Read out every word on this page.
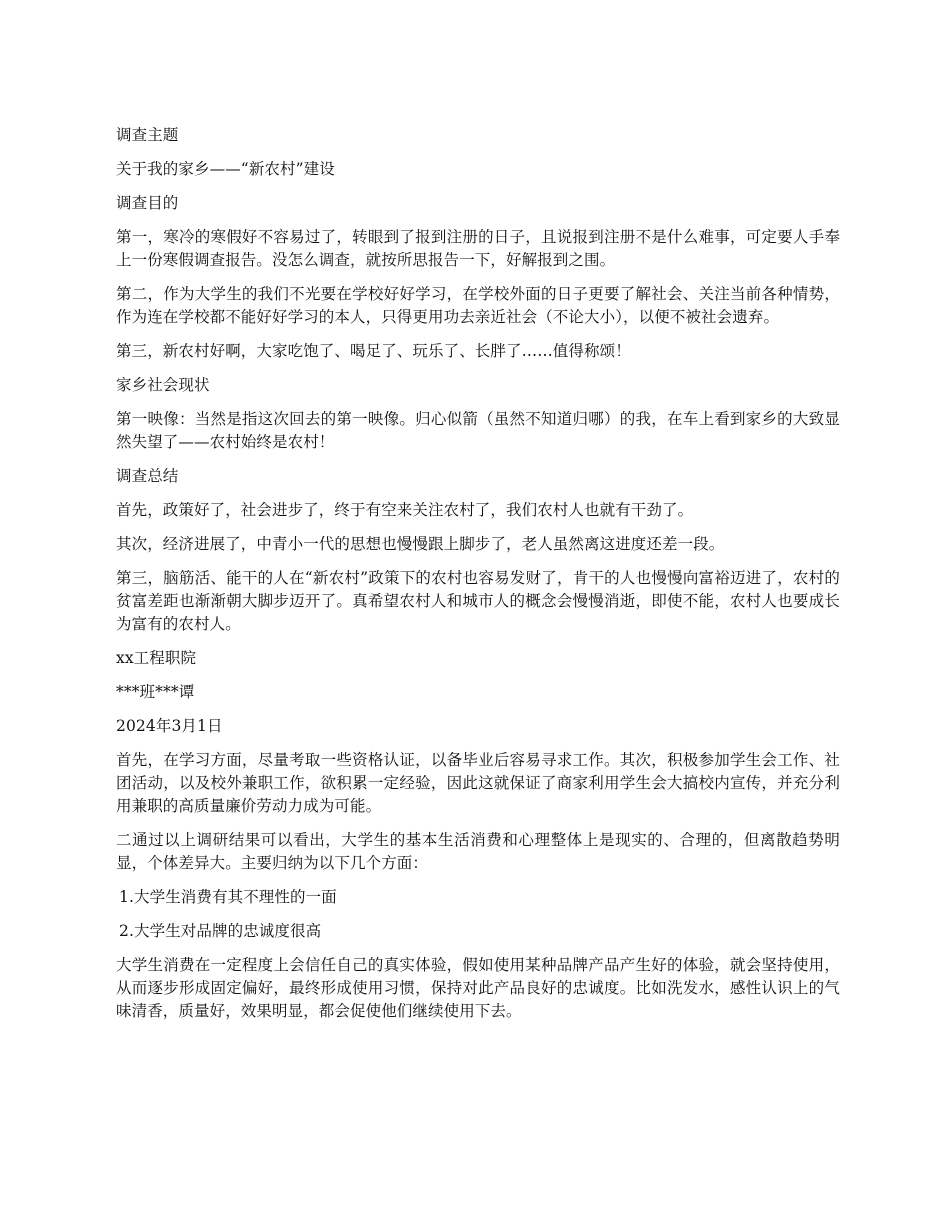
调查主题

关于我的家乡——“新农村”建设

调查目的

第一，寒冷的寒假好不容易过了，转眼到了报到注册的日子，且说报到注册不是什么难事，可定要人手奉上一份寒假调查报告。没怎么调查，就按所思报告一下，好解报到之围。

第二，作为大学生的我们不光要在学校好好学习，在学校外面的日子更要了解社会、关注当前各种情势，作为连在学校都不能好好学习的本人，只得更用功去亲近社会（不论大小），以便不被社会遗弃。

第三，新农村好啊，大家吃饱了、喝足了、玩乐了、长胖了……值得称颂！

家乡社会现状

第一映像：当然是指这次回去的第一映像。归心似箭（虽然不知道归哪）的我，在车上看到家乡的大致显然失望了——农村始终是农村！

调查总结

首先，政策好了，社会进步了，终于有空来关注农村了，我们农村人也就有干劲了。

其次，经济进展了，中青小一代的思想也慢慢跟上脚步了，老人虽然离这进度还差一段。

第三，脑筋活、能干的人在“新农村”政策下的农村也容易发财了，肯干的人也慢慢向富裕迈进了，农村的贫富差距也渐渐朝大脚步迈开了。真希望农村人和城市人的概念会慢慢消逝，即使不能，农村人也要成长为富有的农村人。

xx工程职院

***班***谭

2024年3月1日

首先，在学习方面，尽量考取一些资格认证，以备毕业后容易寻求工作。其次，积极参加学生会工作、社团活动，以及校外兼职工作，欲积累一定经验，因此这就保证了商家利用学生会大搞校内宣传，并充分利用兼职的高质量廉价劳动力成为可能。

二通过以上调研结果可以看出，大学生的基本生活消费和心理整体上是现实的、合理的，但离散趋势明显，个体差异大。主要归纳为以下几个方面：

1.大学生消费有其不理性的一面

2.大学生对品牌的忠诚度很高

大学生消费在一定程度上会信任自己的真实体验，假如使用某种品牌产品产生好的体验，就会坚持使用，从而逐步形成固定偏好，最终形成使用习惯，保持对此产品良好的忠诚度。比如洗发水，感性认识上的气味清香，质量好，效果明显，都会促使他们继续使用下去。
